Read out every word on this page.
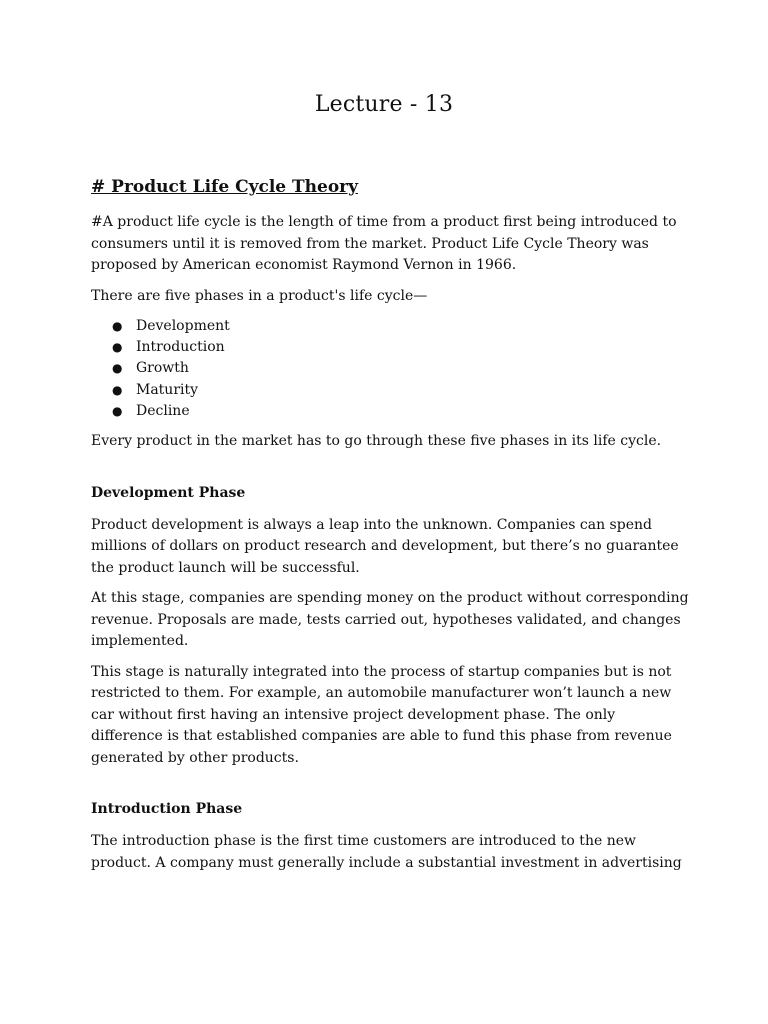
Lecture - 13
# Product Life Cycle Theory

#A product life cycle is the length of time from a product first being introduced to consumers until it is removed from the market. Product Life Cycle Theory was proposed by American economist Raymond Vernon in 1966.

There are five phases in a product's life cycle—

● Development
● Introduction
● Growth
● Maturity
● Decline

Every product in the market has to go through these five phases in its life cycle.

Development Phase

Product development is always a leap into the unknown. Companies can spend millions of dollars on product research and development, but there’s no guarantee the product launch will be successful.

At this stage, companies are spending money on the product without corresponding revenue. Proposals are made, tests carried out, hypotheses validated, and changes implemented.

This stage is naturally integrated into the process of startup companies but is not restricted to them. For example, an automobile manufacturer won’t launch a new car without first having an intensive project development phase. The only difference is that established companies are able to fund this phase from revenue generated by other products.

Introduction Phase

The introduction phase is the first time customers are introduced to the new product. A company must generally include a substantial investment in advertising
